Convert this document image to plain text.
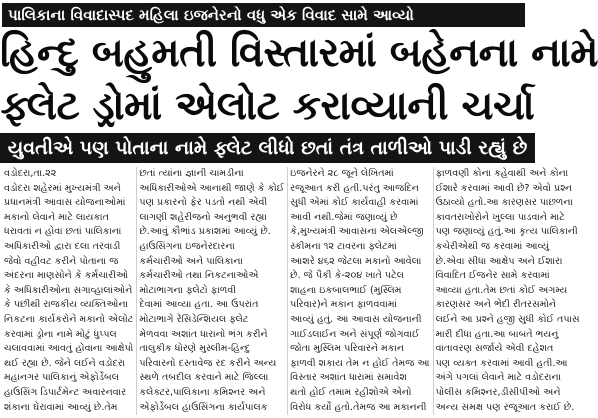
પાલિકાના વિવાદાસ્પદ મહિલા ઇજનેરનો વધુ એક વિવાદ સામે આવ્યો
હિન્દુ બહુમતી વિસ્તારમાં બહેનના નામે
ફ્લેટ ડ્રોમાં એલોટ કરાવ્યાની ચર્ચા
યુવતીએ પણ પોતાના નામે ફ્લેટ લીધો છતાં તંત્ર તાળીઓ પાડી રહ્યું છે
વડોદરા,તા.૨૨
વડોદરા શહેરમાં મુખ્યમંત્રી અને
પ્રધાનમંત્રી આવાસ યોજનાઓમાં
મકાનો લેવાને માટે લાયકાત
ધરાવતાં ન હોવા છતાં પાલિકાના
અધિકારીઓ દ્વારા દલા તરવાડી
જેવો વહીવટ કરીને પોતાના જ
અંદરના માણસોને કે કર્મચારીઓ
કે અધિકારીઓના સગાવ્હાલાંઓને
કે પછીથી રાજકીય વ્યક્તિઓના
નિકટના કાર્યકરોને મકાનો એલોટ
કરવામાં ડ્રોના નામે મોટું ધુપ્પલ
ચલાવવામાં આવતું હોવાના આક્ષેપો
થઈ રહ્યા છે. જેને લઈને વડોદરા
મહાનગર પાલિકાનું એફોર્ડેબલ
હાઉસિંગ ડિપાર્ટમેન્ટ અવારનવાર
શંકાના ઘેરાવામાં આવ્યું છે.તેમ
છતાં ત્યાંના જ્ઞાની ચામડીના
અધિકારીઓએ આનાથી જાણે કે કોઈ
પણ પ્રકારનો ફેર પડતો નથી એવી
લાગણી શહેરીજનો અનુભવી રહ્યા
છે.આવું કૌભાંડ પ્રકાશમાં આવ્યું છે.
હાઉસિંગના ઇજનેરદારના
કર્મચારીઓ અને પાલિકાના
કર્મચારીઓ તથા નિકટનાઓએ
મોટાભાગના ફ્લેટો ફાળવી
દેવામાં આવ્યા હતા. આ ઉપરાંત
મોટાભાગે રેસિડેન્શિયલ ફ્લેટ
મેળવવા અશાંત ધારાનો ભંગ કરીને
તાલુકીક ધોરણે મુસ્લીમ-હિન્દુ
પરિવારનો દસ્તાવેજ રદ કરીને અન્ય
સ્થળે તબદીલ કરવાને માટે જિલ્લા
કલેક્ટર,પાલિકાના કમિશ્નર અને
એફોર્ડેબલ હાઉસિંગના કાર્યપાલક
ઇજનેરને ૨૮ જૂને લેખિતમાં
રજૂઆત કરી હતી.પરંતુ આજદિન
સુધી એમાં કોઈ કાર્યવાહી કરવામાં
આવી નથી.જેમાં જણાવ્યું છે
કે,મુખ્યમંત્રી આવાસના એલએલ્જી
સ્કીમના ૧૨ ટાવરના ફ્લેટમાં
આશરે ૪૬૨ જેટલા મકાનો આવેલા
છે. જે પૈકી કે-૨૦૪ ખાતે પટેલ
શાહના ઇકબાલભાઈ (મુસ્લિમ
પરિવાર)ને મકાન ફાળવવામાં
આવ્યું હતું. આ આવાસ યોજનાની
ગાઈડલાઈન અને સંપૂર્ણ જોગવાઈ
જોતા મુસ્લિમ પરિવારને મકાન
ફાળવી શકાય તેમ ન હોઈ તેમજ આ
વિસ્તાર અશાંત ધારામાં સમાવેશ
થતો હોઈ તમામ રહીશોએ એનો
વિરોધ કર્યો હતો.તેમજ આ મકાનની
ફાળવણી કોના કહેવાથી અને કોના
ઈશારે કરવામાં આવી છે? એવો પ્રશ્ન
ઉઠાવ્યો હતો.આ કારણસર પાછળના
કાવતરાખોરોને ખુલ્લા પાડવાને માટે
પણ જણાવ્યું હતું.આ કૃત્ય પાલિકાની
કચેરીએથી જ કરવામાં આવ્યું
છે.એવા સીધા આક્ષેપ અને ઈશારા
વિવાદિત ઈજનેર સામે કરવામાં
આવ્યા હતા.તેમ છતાં કોઈ અગમ્ય
કારણસર અને ભેદી રીતરસમોને
લઈને આ પ્રશ્ને હજી સુધી કોઈ તપાસ
મારી દીધા હતા.આ બાબતે ભયનું
વાતાવરણ સર્જાયે એવી દહેશત
પણ વ્યક્ત કરવામાં આવી હતી.આ
અંગે પગલાં લેવાને માટે વડોદરાના
પોલીસ કમિશ્નર,ડીસીપીઓ અને
અન્ય સમક્ષ પણ રજૂઆત કરાઈ છે.
